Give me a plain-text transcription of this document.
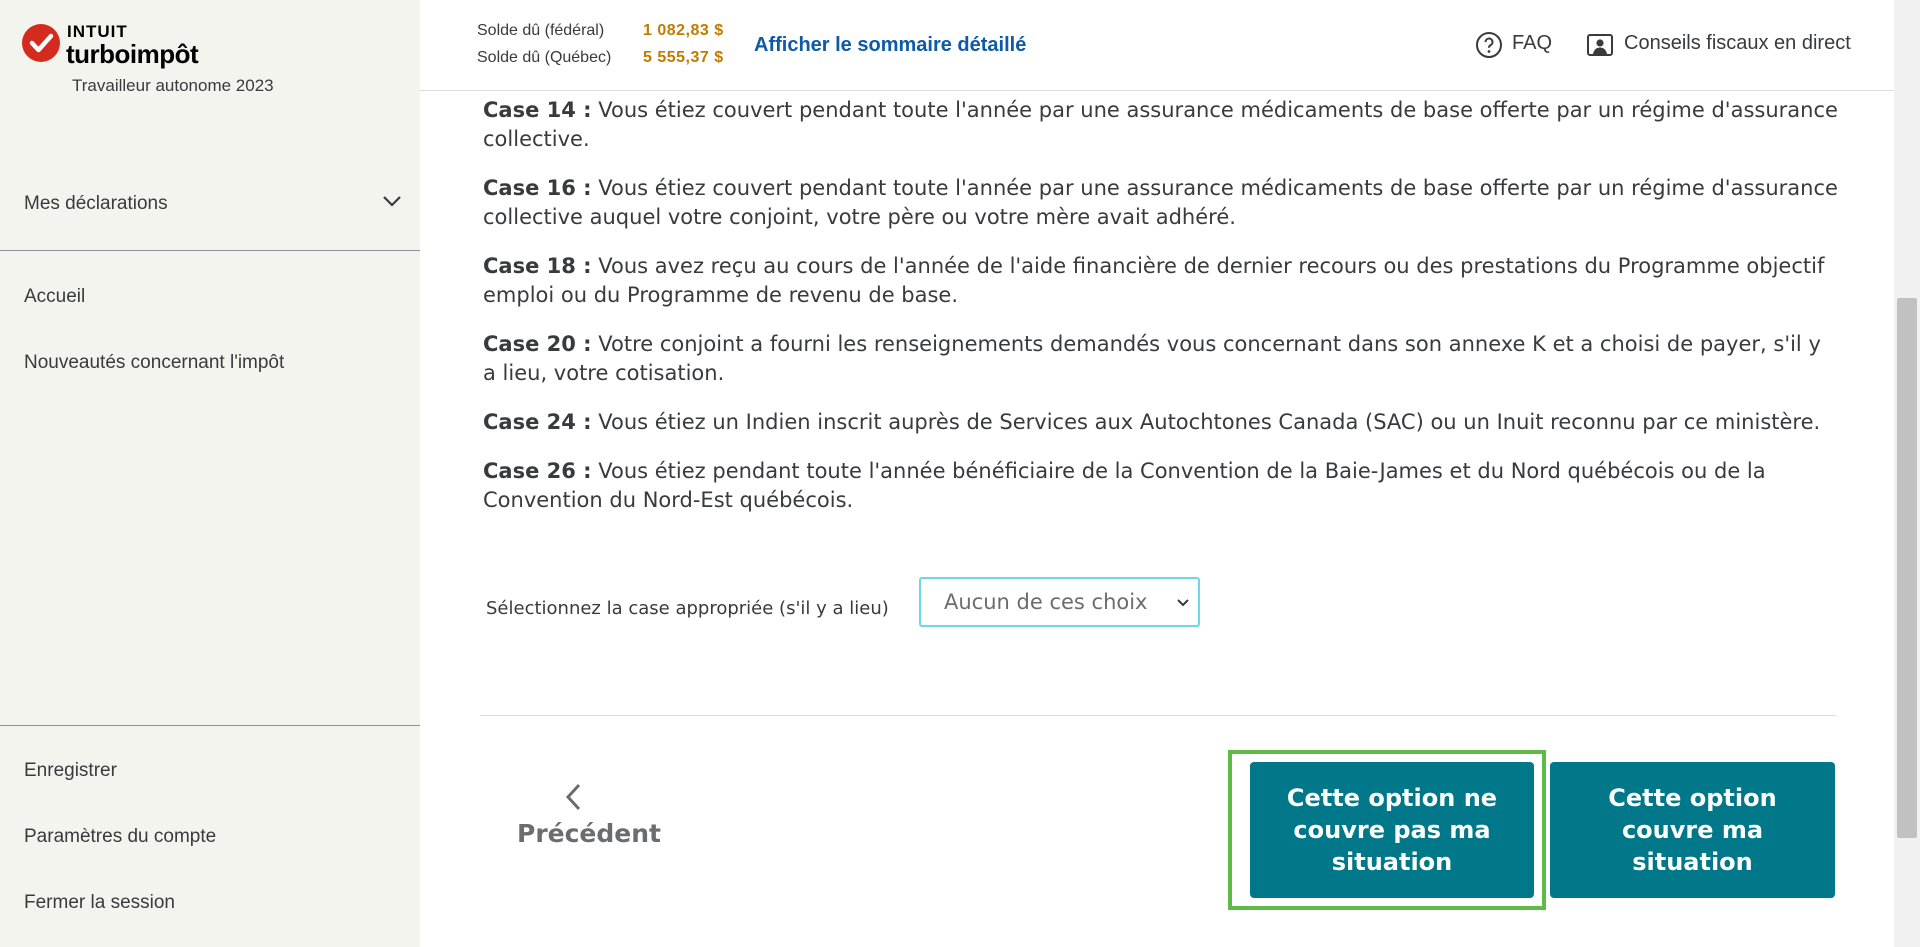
INTUIT
turboimpôt
Travailleur autonome 2023
Mes déclarations
Accueil
Nouveautés concernant l'impôt
Enregistrer
Paramètres du compte
Fermer la session
Solde dû (fédéral) 1 082,83 $
Solde dû (Québec) 5 555,37 $
Afficher le sommaire détaillé	FAQ	Conseils fiscaux en direct

Case 14 : Vous étiez couvert pendant toute l'année par une assurance médicaments de base offerte par un régime d'assurance collective.

Case 16 : Vous étiez couvert pendant toute l'année par une assurance médicaments de base offerte par un régime d'assurance collective auquel votre conjoint, votre père ou votre mère avait adhéré.

Case 18 : Vous avez reçu au cours de l'année de l'aide financière de dernier recours ou des prestations du Programme objectif emploi ou du Programme de revenu de base.

Case 20 : Votre conjoint a fourni les renseignements demandés vous concernant dans son annexe K et a choisi de payer, s'il y a lieu, votre cotisation.

Case 24 : Vous étiez un Indien inscrit auprès de Services aux Autochtones Canada (SAC) ou un Inuit reconnu par ce ministère.

Case 26 : Vous étiez pendant toute l'année bénéficiaire de la Convention de la Baie-James et du Nord québécois ou de la Convention du Nord-Est québécois.

Sélectionnez la case appropriée (s'il y a lieu)	Aucun de ces choix
Précédent
Cette option ne couvre pas ma situation
Cette option couvre ma situation
